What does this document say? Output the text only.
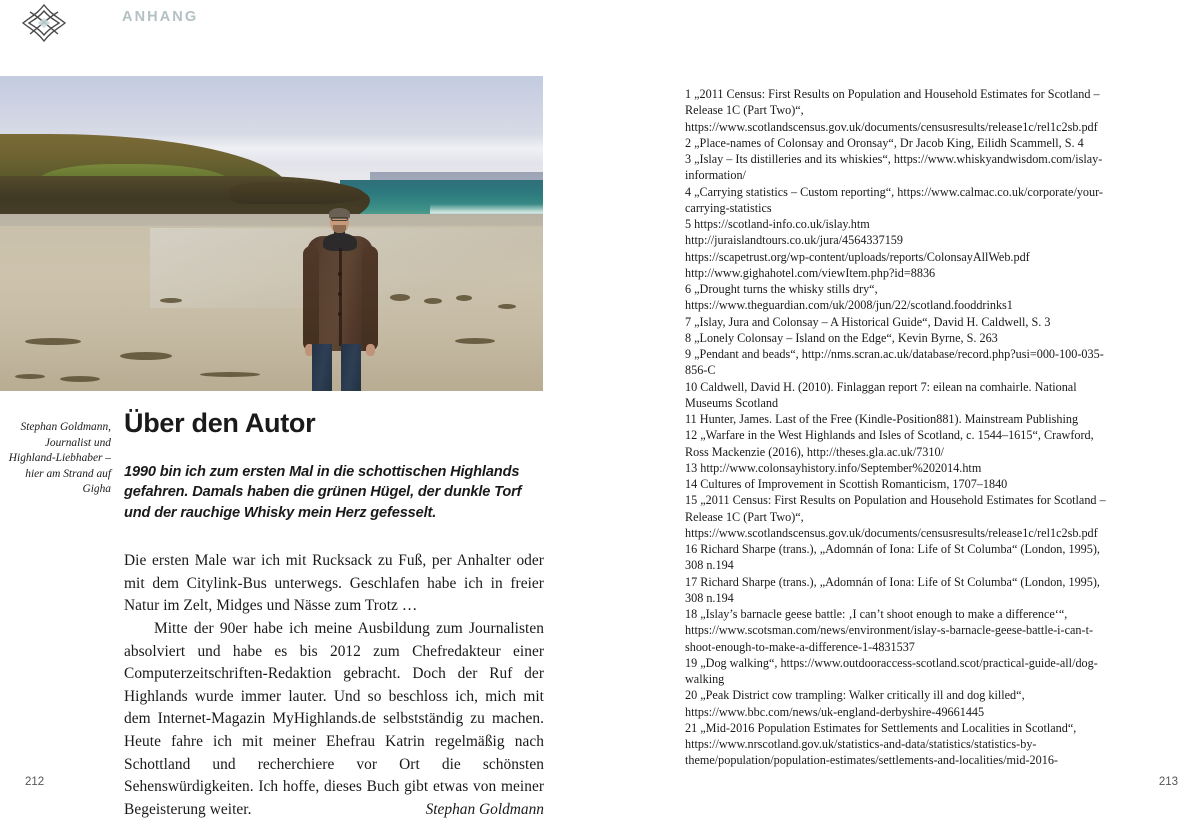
ANHANG
Stephan Goldmann, Journalist und Highland-Liebhaber – hier am Strand auf Gigha
Über den Autor

1990 bin ich zum ersten Mal in die schottischen Highlands gefahren. Damals haben die grünen Hügel, der dunkle Torf und der rauchige Whisky mein Herz gefesselt.

Die ersten Male war ich mit Rucksack zu Fuß, per Anhalter oder mit dem Citylink-Bus unterwegs. Geschlafen habe ich in freier Natur im Zelt, Midges und Nässe zum Trotz …

Mitte der 90er habe ich meine Ausbildung zum Journalisten absolviert und habe es bis 2012 zum Chefredakteur einer Computerzeitschriften-Redaktion gebracht. Doch der Ruf der Highlands wurde immer lauter. Und so beschloss ich, mich mit dem Internet-Magazin MyHighlands.de selbstständig zu machen. Heute fahre ich mit meiner Ehefrau Katrin regelmäßig nach Schottland und recherchiere vor Ort die schönsten Sehenswürdigkeiten. Ich hoffe, dieses Buch gibt etwas von meiner Begeisterung weiter.	Stephan Goldmann
1 „2011 Census: First Results on Population and Household Estimates for Scotland – Release 1C (Part Two)“, https://www.scotlandscensus.gov.uk/documents/censusresults/release1c/rel1c2sb.pdf
2 „Place-names of Colonsay and Oronsay“, Dr Jacob King, Eilidh Scammell, S. 4
3 „Islay – Its distilleries and its whiskies“, https://www.whiskyandwisdom.com/islay-information/
4 „Carrying statistics – Custom reporting“, https://www.calmac.co.uk/corporate/your-carrying-statistics
5 https://scotland-info.co.uk/islay.htm
http://juraislandtours.co.uk/jura/4564337159
https://scapetrust.org/wp-content/uploads/reports/ColonsayAllWeb.pdf
http://www.gighahotel.com/viewItem.php?id=8836
6 „Drought turns the whisky stills dry“, https://www.theguardian.com/uk/2008/jun/22/scotland.fooddrinks1
7 „Islay, Jura and Colonsay – A Historical Guide“, David H. Caldwell, S. 3
8 „Lonely Colonsay – Island on the Edge“, Kevin Byrne, S. 263
9 „Pendant and beads“, http://nms.scran.ac.uk/database/record.php?usi=000-100-035-856-C
10 Caldwell, David H. (2010). Finlaggan report 7: eilean na comhairle. National Museums Scotland
11 Hunter, James. Last of the Free (Kindle-Position881). Mainstream Publishing
12 „Warfare in the West Highlands and Isles of Scotland, c. 1544–1615“, Crawford, Ross Mackenzie (2016), http://theses.gla.ac.uk/7310/
13 http://www.colonsayhistory.info/September%202014.htm
14 Cultures of Improvement in Scottish Romanticism, 1707–1840
15 „2011 Census: First Results on Population and Household Estimates for Scotland – Release 1C (Part Two)“, https://www.scotlandscensus.gov.uk/documents/censusresults/release1c/rel1c2sb.pdf
16 Richard Sharpe (trans.), „Adomnán of Iona: Life of St Columba“ (London, 1995), 308 n.194
17 Richard Sharpe (trans.), „Adomnán of Iona: Life of St Columba“ (London, 1995), 308 n.194
18 „Islay’s barnacle geese battle: ‚I can’t shoot enough to make a difference‘“, https://www.scotsman.com/news/environment/islay-s-barnacle-geese-battle-i-can-t-shoot-enough-to-make-a-difference-1-4831537
19 „Dog walking“, https://www.outdooraccess-scotland.scot/practical-guide-all/dog-walking
20 „Peak District cow trampling: Walker critically ill and dog killed“, https://www.bbc.com/news/uk-england-derbyshire-49661445
21 „Mid-2016 Population Estimates for Settlements and Localities in Scotland“, https://www.nrscotland.gov.uk/statistics-and-data/statistics/statistics-by-theme/population/population-estimates/settlements-and-localities/mid-2016-
212	213
